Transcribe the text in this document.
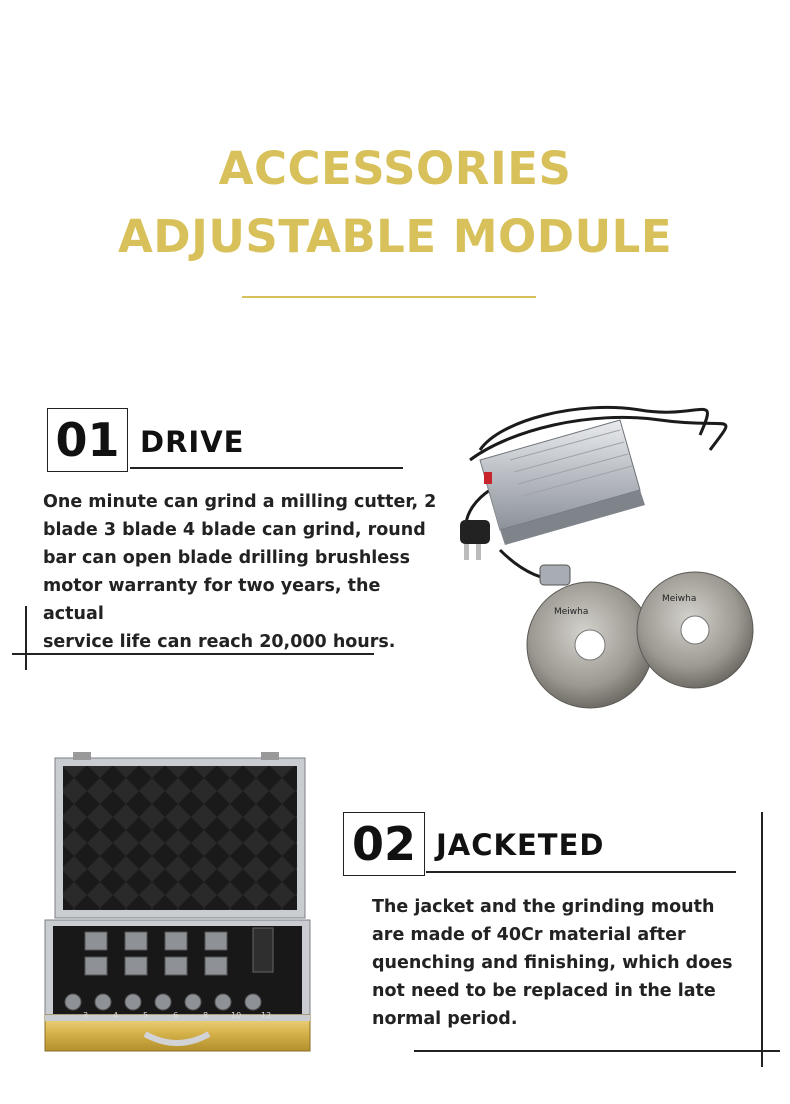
ACCESSORIES
ADJUSTABLE MODULE
01 DRIVE
One minute can grind a milling cutter, 2
blade 3 blade 4 blade can grind, round
bar can open blade drilling brushless
motor warranty for two years, the actual
service life can reach 20,000 hours.
Meiwha
Meiwha
3	4	5	6	8	10 12
02 JACKETED
The jacket and the grinding mouth
are made of 40Cr material after
quenching and finishing, which does
not need to be replaced in the late
normal period.
